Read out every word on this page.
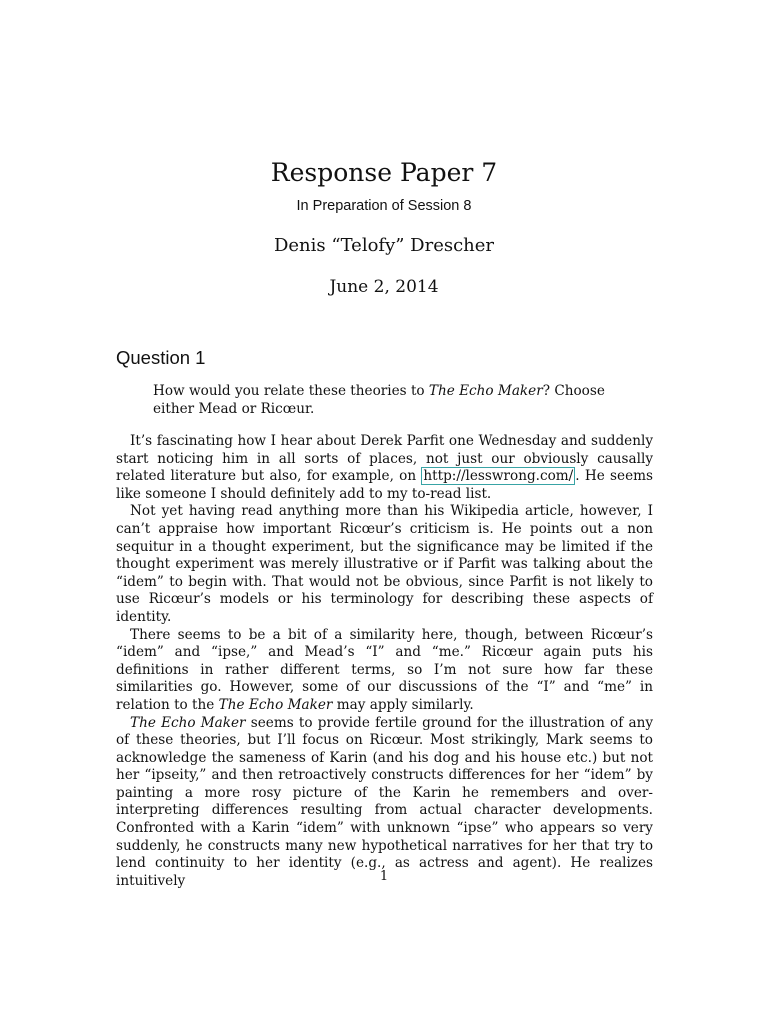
Response Paper 7
In Preparation of Session 8
Denis “Telofy” Drescher
June 2, 2014
Question 1
How would you relate these theories to The Echo Maker? Choose either Mead or Ricœur.

It’s fascinating how I hear about Derek Parfit one Wednesday and suddenly start noticing him in all sorts of places, not just our obviously causally related literature but also, for example, on http://lesswrong.com/ . He seems like someone I should definitely add to my to-read list.

Not yet having read anything more than his Wikipedia article, however, I can’t appraise how important Ricœur’s criticism is. He points out a non sequitur in a thought experiment, but the significance may be limited if the thought experiment was merely illustrative or if Parfit was talking about the “idem” to begin with. That would not be obvious, since Parfit is not likely to use Ricœur’s models or his terminology for describing these aspects of identity.

There seems to be a bit of a similarity here, though, between Ricœur’s “idem” and “ipse,” and Mead’s “I” and “me.” Ricœur again puts his definitions in rather different terms, so I’m not sure how far these similarities go. However, some of our discussions of the “I” and “me” in relation to the The Echo Maker may apply similarly.

The Echo Maker seems to provide fertile ground for the illustration of any of these theories, but I’ll focus on Ricœur. Most strikingly, Mark seems to acknowledge the sameness of Karin (and his dog and his house etc.) but not her “ipseity,” and then retroactively constructs differences for her “idem” by painting a more rosy picture of the Karin he remembers and over-interpreting differences resulting from actual character developments. Confronted with a Karin “idem” with unknown “ipse” who appears so very suddenly, he constructs many new hypothetical narratives for her that try to lend continuity to her identity (e.g., as actress and agent). He realizes intuitively	1
